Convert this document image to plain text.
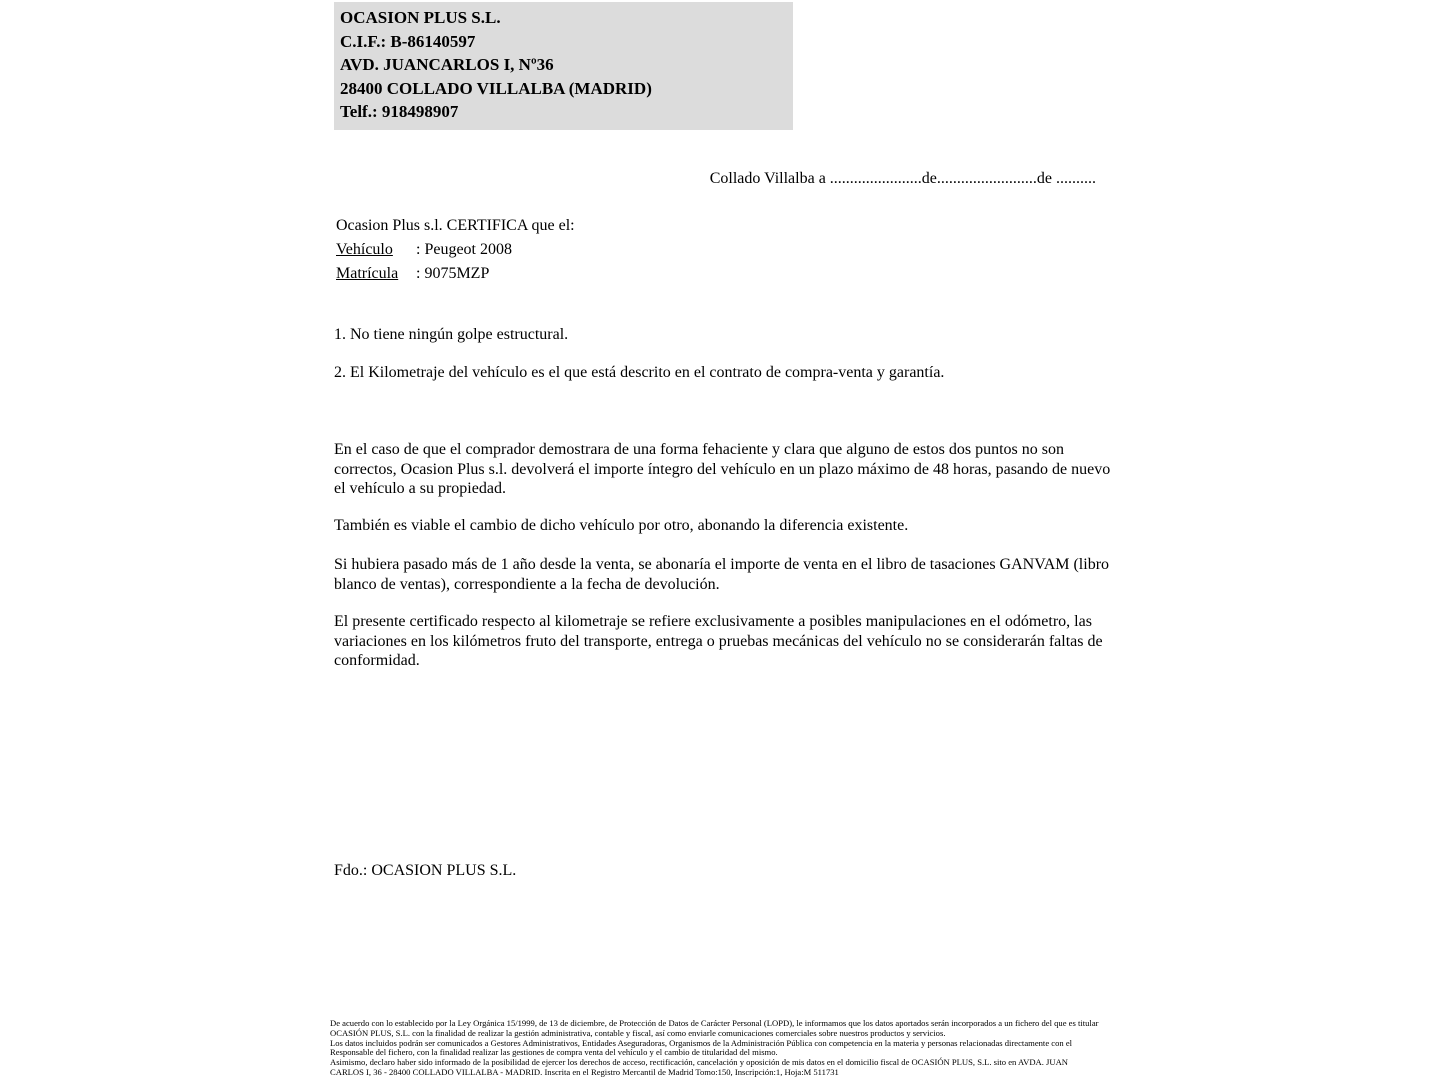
OCASION PLUS S.L.
C.I.F.: B-86140597
AVD. JUANCARLOS I, Nº36
28400 COLLADO VILLALBA (MADRID)
Telf.: 918498907
Collado Villalba a .......................de.........................de ..........
Ocasion Plus s.l. CERTIFICA que el:
Vehículo : Peugeot 2008
Matrícula : 9075MZP

1. No tiene ningún golpe estructural.

2. El Kilometraje del vehículo es el que está descrito en el contrato de compra-venta y garantía.

En el caso de que el comprador demostrara de una forma fehaciente y clara que alguno de estos dos puntos no son correctos, Ocasion Plus s.l. devolverá el importe íntegro del vehículo en un plazo máximo de 48 horas, pasando de nuevo el vehículo a su propiedad.

También es viable el cambio de dicho vehículo por otro, abonando la diferencia existente.

Si hubiera pasado más de 1 año desde la venta, se abonaría el importe de venta en el libro de tasaciones GANVAM (libro blanco de ventas), correspondiente a la fecha de devolución.

El presente certificado respecto al kilometraje se refiere exclusivamente a posibles manipulaciones en el odómetro, las variaciones en los kilómetros fruto del transporte, entrega o pruebas mecánicas del vehículo no se considerarán faltas de conformidad.

Fdo.: OCASION PLUS S.L.

De acuerdo con lo establecido por la Ley Orgánica 15/1999, de 13 de diciembre, de Protección de Datos de Carácter Personal (LOPD), le informamos que los datos aportados serán incorporados a un fichero del que es titular OCASIÓN PLUS, S.L. con la finalidad de realizar la gestión administrativa, contable y fiscal, así como enviarle comunicaciones comerciales sobre nuestros productos y servicios.

Los datos incluidos podrán ser comunicados a Gestores Administrativos, Entidades Aseguradoras, Organismos de la Administración Pública con competencia en la materia y personas relacionadas directamente con el Responsable del fichero, con la finalidad realizar las gestiones de compra venta del vehículo y el cambio de titularidad del mismo.

Asimismo, declaro haber sido informado de la posibilidad de ejercer los derechos de acceso, rectificación, cancelación y oposición de mis datos en el domicilio fiscal de OCASIÓN PLUS, S.L. sito en AVDA. JUAN CARLOS I, 36 - 28400 COLLADO VILLALBA - MADRID. Inscrita en el Registro Mercantil de Madrid Tomo:150, Inscripción:1, Hoja:M 511731
